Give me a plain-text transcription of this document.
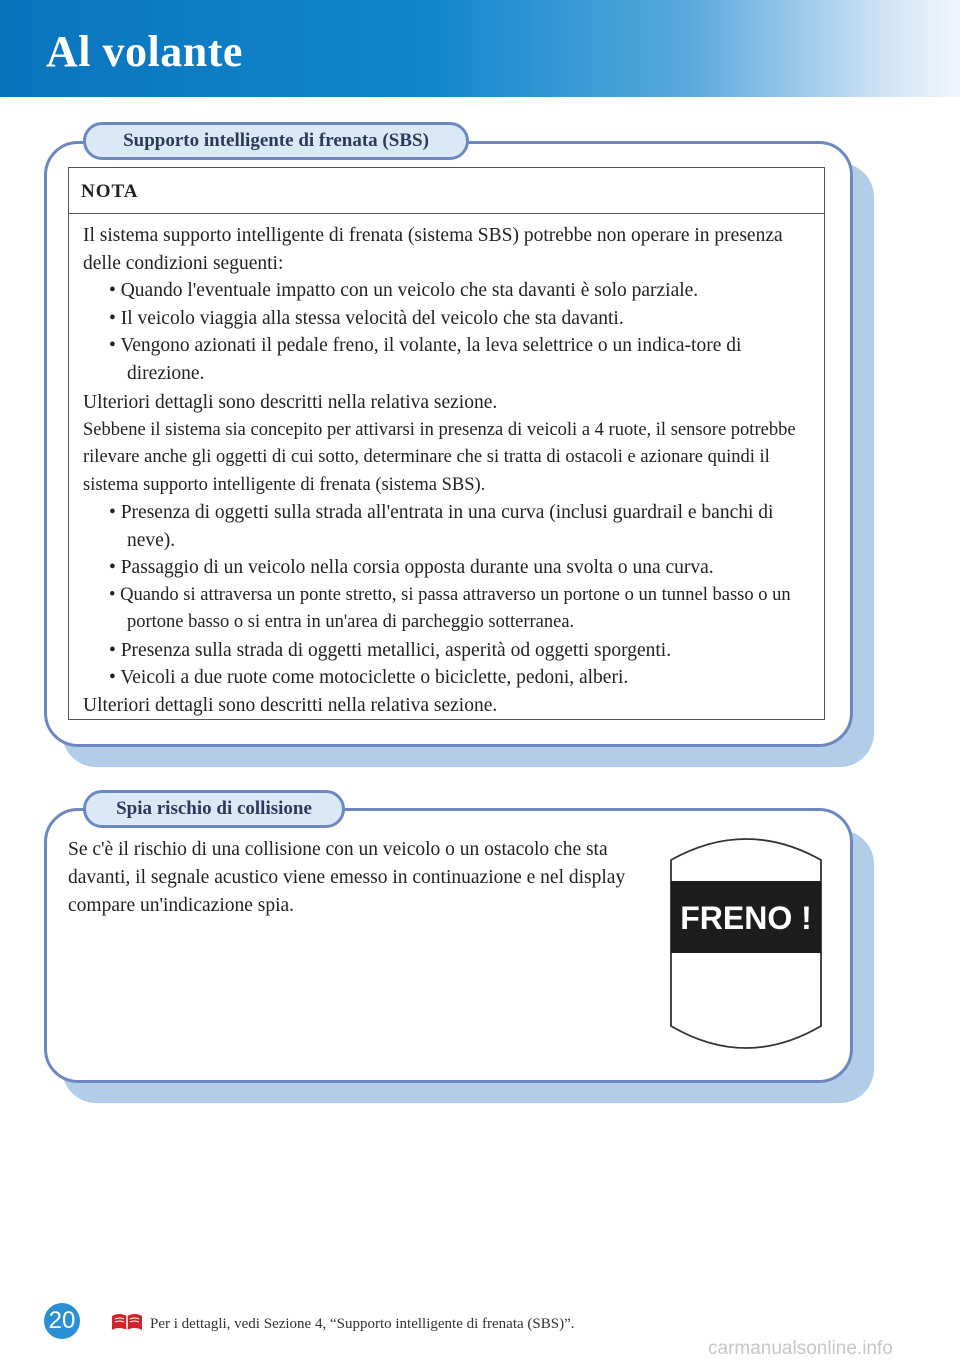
Al volante
Supporto intelligente di frenata (SBS)
NOTA

Il sistema supporto intelligente di frenata (sistema SBS) potrebbe non operare in presenza delle condizioni seguenti:

• Quando l'eventuale impatto con un veicolo che sta davanti è solo parziale.
• Il veicolo viaggia alla stessa velocità del veicolo che sta davanti.
• Vengono azionati il pedale freno, il volante, la leva selettrice o un indica-tore di direzione.

Ulteriori dettagli sono descritti nella relativa sezione.

Sebbene il sistema sia concepito per attivarsi in presenza di veicoli a 4 ruote, il sensore potrebbe rilevare anche gli oggetti di cui sotto, determinare che si tratta di ostacoli e azionare quindi il sistema supporto intelligente di frenata (sistema SBS).

• Presenza di oggetti sulla strada all'entrata in una curva (inclusi guardrail e banchi di neve).
• Passaggio di un veicolo nella corsia opposta durante una svolta o una curva.
• Quando si attraversa un ponte stretto, si passa attraverso un portone o un tunnel basso o un portone basso o si entra in un'area di parcheggio sotterranea.
• Presenza sulla strada di oggetti metallici, asperità od oggetti sporgenti.
• Veicoli a due ruote come motociclette o biciclette, pedoni, alberi.

Ulteriori dettagli sono descritti nella relativa sezione.

Spia rischio di collisione

Se c'è il rischio di una collisione con un veicolo o un ostacolo che sta davanti, il segnale acustico viene emesso in continuazione e nel display compare un'indicazione spia.	FRENO !
20	Per i dettagli, vedi Sezione 4, “Supporto intelligente di frenata (SBS)”.
carmanualsonline.info
